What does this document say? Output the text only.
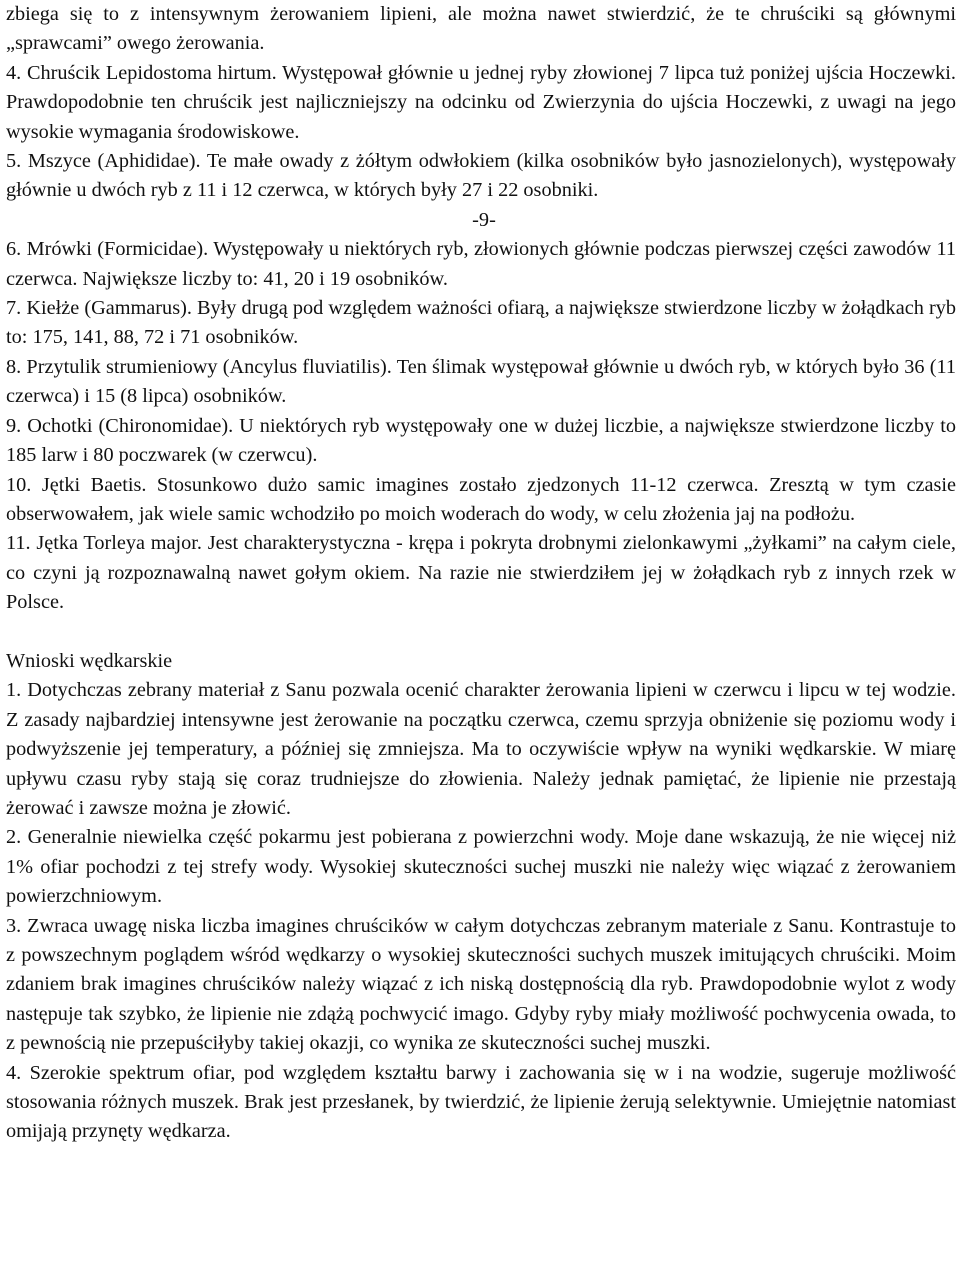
zbiega się to z intensywnym żerowaniem lipieni, ale można nawet stwierdzić, że te chruściki są głównymi „sprawcami” owego żerowania.

4. Chruścik Lepidostoma hirtum. Występował głównie u jednej ryby złowionej 7 lipca tuż poniżej ujścia Hoczewki. Prawdopodobnie ten chruścik jest najliczniejszy na odcinku od Zwierzynia do ujścia Hoczewki, z uwagi na jego wysokie wymagania środowiskowe.

5. Mszyce (Aphididae). Te małe owady z żółtym odwłokiem (kilka osobników było jasnozielonych), występowały głównie u dwóch ryb z 11 i 12 czerwca, w których były 27 i 22 osobniki.

-9-

6. Mrówki (Formicidae). Występowały u niektórych ryb, złowionych głównie podczas pierwszej części zawodów 11 czerwca. Największe liczby to: 41, 20 i 19 osobników.

7. Kiełże (Gammarus). Były drugą pod względem ważności ofiarą, a największe stwierdzone liczby w żołądkach ryb to: 175, 141, 88, 72 i 71 osobników.

8. Przytulik strumieniowy (Ancylus fluviatilis). Ten ślimak występował głównie u dwóch ryb, w których było 36 (11 czerwca) i 15 (8 lipca) osobników.

9. Ochotki (Chironomidae). U niektórych ryb występowały one w dużej liczbie, a największe stwierdzone liczby to 185 larw i 80 poczwarek (w czerwcu).

10. Jętki Baetis. Stosunkowo dużo samic imagines zostało zjedzonych 11-12 czerwca. Zresztą w tym czasie obserwowałem, jak wiele samic wchodziło po moich woderach do wody, w celu złożenia jaj na podłożu.

11. Jętka Torleya major. Jest charakterystyczna - krępa i pokryta drobnymi zielonkawymi „żyłkami” na całym ciele, co czyni ją rozpoznawalną nawet gołym okiem. Na razie nie stwierdziłem jej w żołądkach ryb z innych rzek w Polsce.

Wnioski wędkarskie

1. Dotychczas zebrany materiał z Sanu pozwala ocenić charakter żerowania lipieni w czerwcu i lipcu w tej wodzie. Z zasady najbardziej intensywne jest żerowanie na początku czerwca, czemu sprzyja obniżenie się poziomu wody i podwyższenie jej temperatury, a później się zmniejsza. Ma to oczywiście wpływ na wyniki wędkarskie. W miarę upływu czasu ryby stają się coraz trudniejsze do złowienia. Należy jednak pamiętać, że lipienie nie przestają żerować i zawsze można je złowić.

2. Generalnie niewielka część pokarmu jest pobierana z powierzchni wody. Moje dane wskazują, że nie więcej niż 1% ofiar pochodzi z tej strefy wody. Wysokiej skuteczności suchej muszki nie należy więc wiązać z żerowaniem powierzchniowym.

3. Zwraca uwagę niska liczba imagines chruścików w całym dotychczas zebranym materiale z Sanu. Kontrastuje to z powszechnym poglądem wśród wędkarzy o wysokiej skuteczności suchych muszek imitujących chruściki. Moim zdaniem brak imagines chruścików należy wiązać z ich niską dostępnością dla ryb. Prawdopodobnie wylot z wody następuje tak szybko, że lipienie nie zdążą pochwycić imago. Gdyby ryby miały możliwość pochwycenia owada, to z pewnością nie przepuściłyby takiej okazji, co wynika ze skuteczności suchej muszki.

4. Szerokie spektrum ofiar, pod względem kształtu barwy i zachowania się w i na wodzie, sugeruje możliwość stosowania różnych muszek. Brak jest przesłanek, by twierdzić, że lipienie żerują selektywnie. Umiejętnie natomiast omijają przynęty wędkarza.
